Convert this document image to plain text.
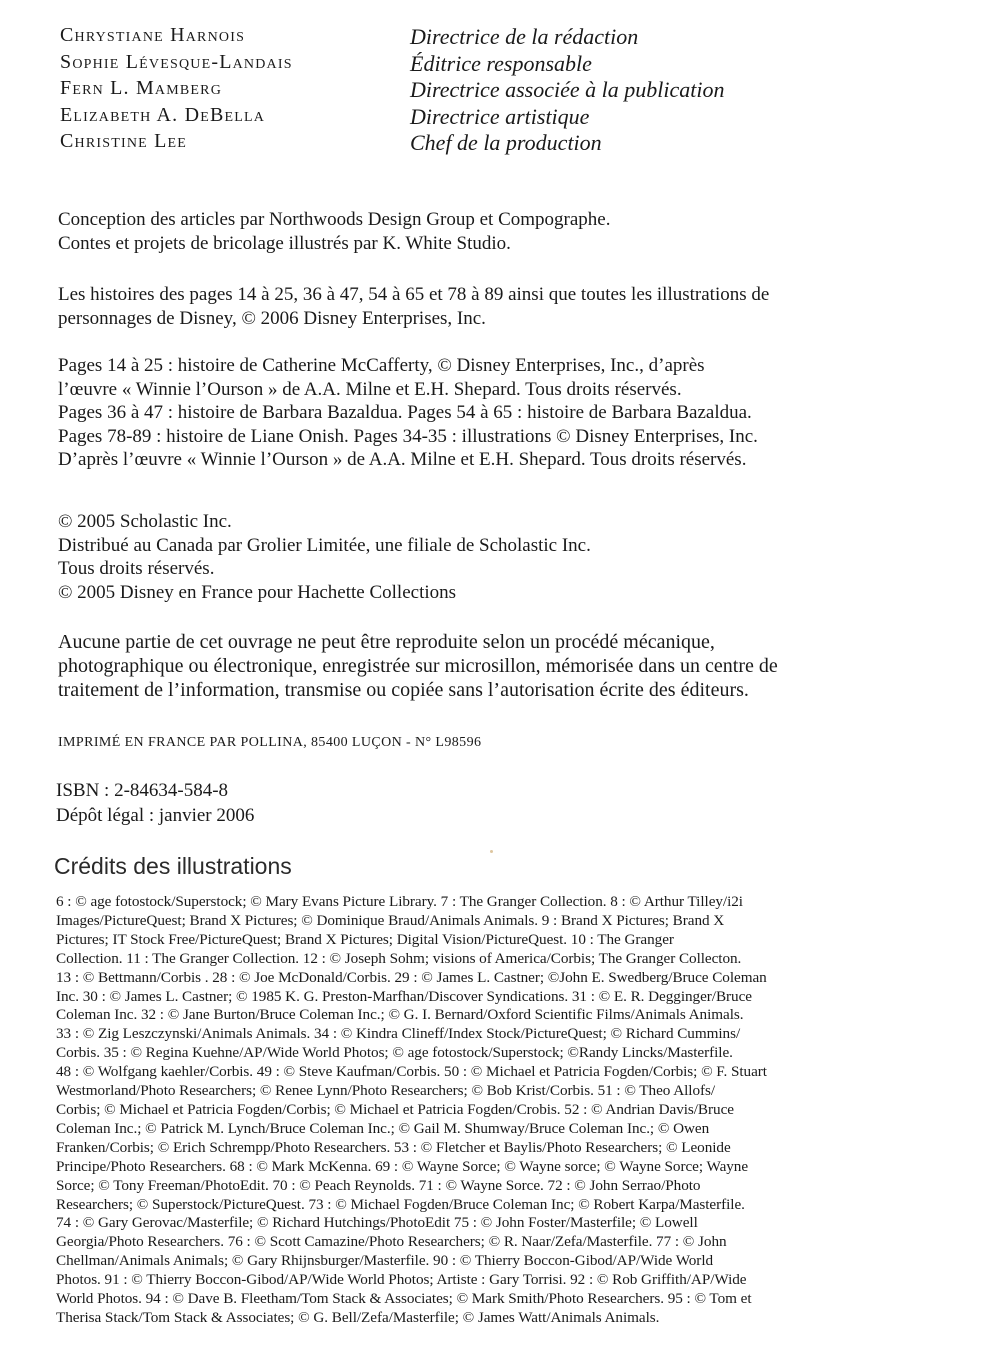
Chrystiane Harnois	Directrice de la rédaction
Sophie Lévesque-Landais	Éditrice responsable
Fern L. Mamberg	Directrice associée à la publication
Elizabeth A. DeBella	Directrice artistique
Christine Lee	Chef de la production

Conception des articles par Northwoods Design Group et Compographe.

Contes et projets de bricolage illustrés par K. White Studio.

Les histoires des pages 14 à 25, 36 à 47, 54 à 65 et 78 à 89 ainsi que toutes les illustrations de

personnages de Disney, © 2006 Disney Enterprises, Inc.

Pages 14 à 25 : histoire de Catherine McCafferty, © Disney Enterprises, Inc., d’après

l’œuvre « Winnie l’Ourson » de A.A. Milne et E.H. Shepard. Tous droits réservés.

Pages 36 à 47 : histoire de Barbara Bazaldua. Pages 54 à 65 : histoire de Barbara Bazaldua.

Pages 78-89 : histoire de Liane Onish. Pages 34-35 : illustrations © Disney Enterprises, Inc.

D’après l’œuvre « Winnie l’Ourson » de A.A. Milne et E.H. Shepard. Tous droits réservés.

© 2005 Scholastic Inc.

Distribué au Canada par Grolier Limitée, une filiale de Scholastic Inc.

Tous droits réservés.

© 2005 Disney en France pour Hachette Collections

Aucune partie de cet ouvrage ne peut être reproduite selon un procédé mécanique,

photographique ou électronique, enregistrée sur microsillon, mémorisée dans un centre de

traitement de l’information, transmise ou copiée sans l’autorisation écrite des éditeurs.

IMPRIMÉ EN FRANCE PAR POLLINA, 85400 LUÇON - N° L98596

ISBN : 2-84634-584-8

Dépôt légal : janvier 2006

Crédits des illustrations

6 : © age fotostock/Superstock; © Mary Evans Picture Library. 7 : The Granger Collection. 8 : © Arthur Tilley/i2i

Images/PictureQuest; Brand X Pictures; © Dominique Braud/Animals Animals. 9 : Brand X Pictures; Brand X

Pictures; IT Stock Free/PictureQuest; Brand X Pictures; Digital Vision/PictureQuest. 10 : The Granger

Collection. 11 : The Granger Collection. 12 : © Joseph Sohm; visions of America/Corbis; The Granger Collecton.

13 : © Bettmann/Corbis . 28 : © Joe McDonald/Corbis. 29 : © James L. Castner; ©John E. Swedberg/Bruce Coleman

Inc. 30 : © James L. Castner; © 1985 K. G. Preston-Marfhan/Discover Syndications. 31 : © E. R. Degginger/Bruce

Coleman Inc. 32 : © Jane Burton/Bruce Coleman Inc.; © G. I. Bernard/Oxford Scientific Films/Animals Animals.

33 : © Zig Leszczynski/Animals Animals. 34 : © Kindra Clineff/Index Stock/PictureQuest; © Richard Cummins/

Corbis. 35 : © Regina Kuehne/AP/Wide World Photos; © age fotostock/Superstock; ©Randy Lincks/Masterfile.

48 : © Wolfgang kaehler/Corbis. 49 : © Steve Kaufman/Corbis. 50 : © Michael et Patricia Fogden/Corbis; © F. Stuart

Westmorland/Photo Researchers; © Renee Lynn/Photo Researchers; © Bob Krist/Corbis. 51 : © Theo Allofs/

Corbis; © Michael et Patricia Fogden/Corbis; © Michael et Patricia Fogden/Crobis. 52 : © Andrian Davis/Bruce

Coleman Inc.; © Patrick M. Lynch/Bruce Coleman Inc.; © Gail M. Shumway/Bruce Coleman Inc.; © Owen

Franken/Corbis; © Erich Schrempp/Photo Researchers. 53 : © Fletcher et Baylis/Photo Researchers; © Leonide

Principe/Photo Researchers. 68 : © Mark McKenna. 69 : © Wayne Sorce; © Wayne sorce; © Wayne Sorce; Wayne

Sorce; © Tony Freeman/PhotoEdit. 70 : © Peach Reynolds. 71 : © Wayne Sorce. 72 : © John Serrao/Photo

Researchers; © Superstock/PictureQuest. 73 : © Michael Fogden/Bruce Coleman Inc; © Robert Karpa/Masterfile.

74 : © Gary Gerovac/Masterfile; © Richard Hutchings/PhotoEdit 75 : © John Foster/Masterfile; © Lowell

Georgia/Photo Researchers. 76 : © Scott Camazine/Photo Researchers; © R. Naar/Zefa/Masterfile. 77 : © John

Chellman/Animals Animals; © Gary Rhijnsburger/Masterfile. 90 : © Thierry Boccon-Gibod/AP/Wide World

Photos. 91 : © Thierry Boccon-Gibod/AP/Wide World Photos; Artiste : Gary Torrisi. 92 : © Rob Griffith/AP/Wide

World Photos. 94 : © Dave B. Fleetham/Tom Stack & Associates; © Mark Smith/Photo Researchers. 95 : © Tom et

Therisa Stack/Tom Stack & Associates; © G. Bell/Zefa/Masterfile; © James Watt/Animals Animals.
